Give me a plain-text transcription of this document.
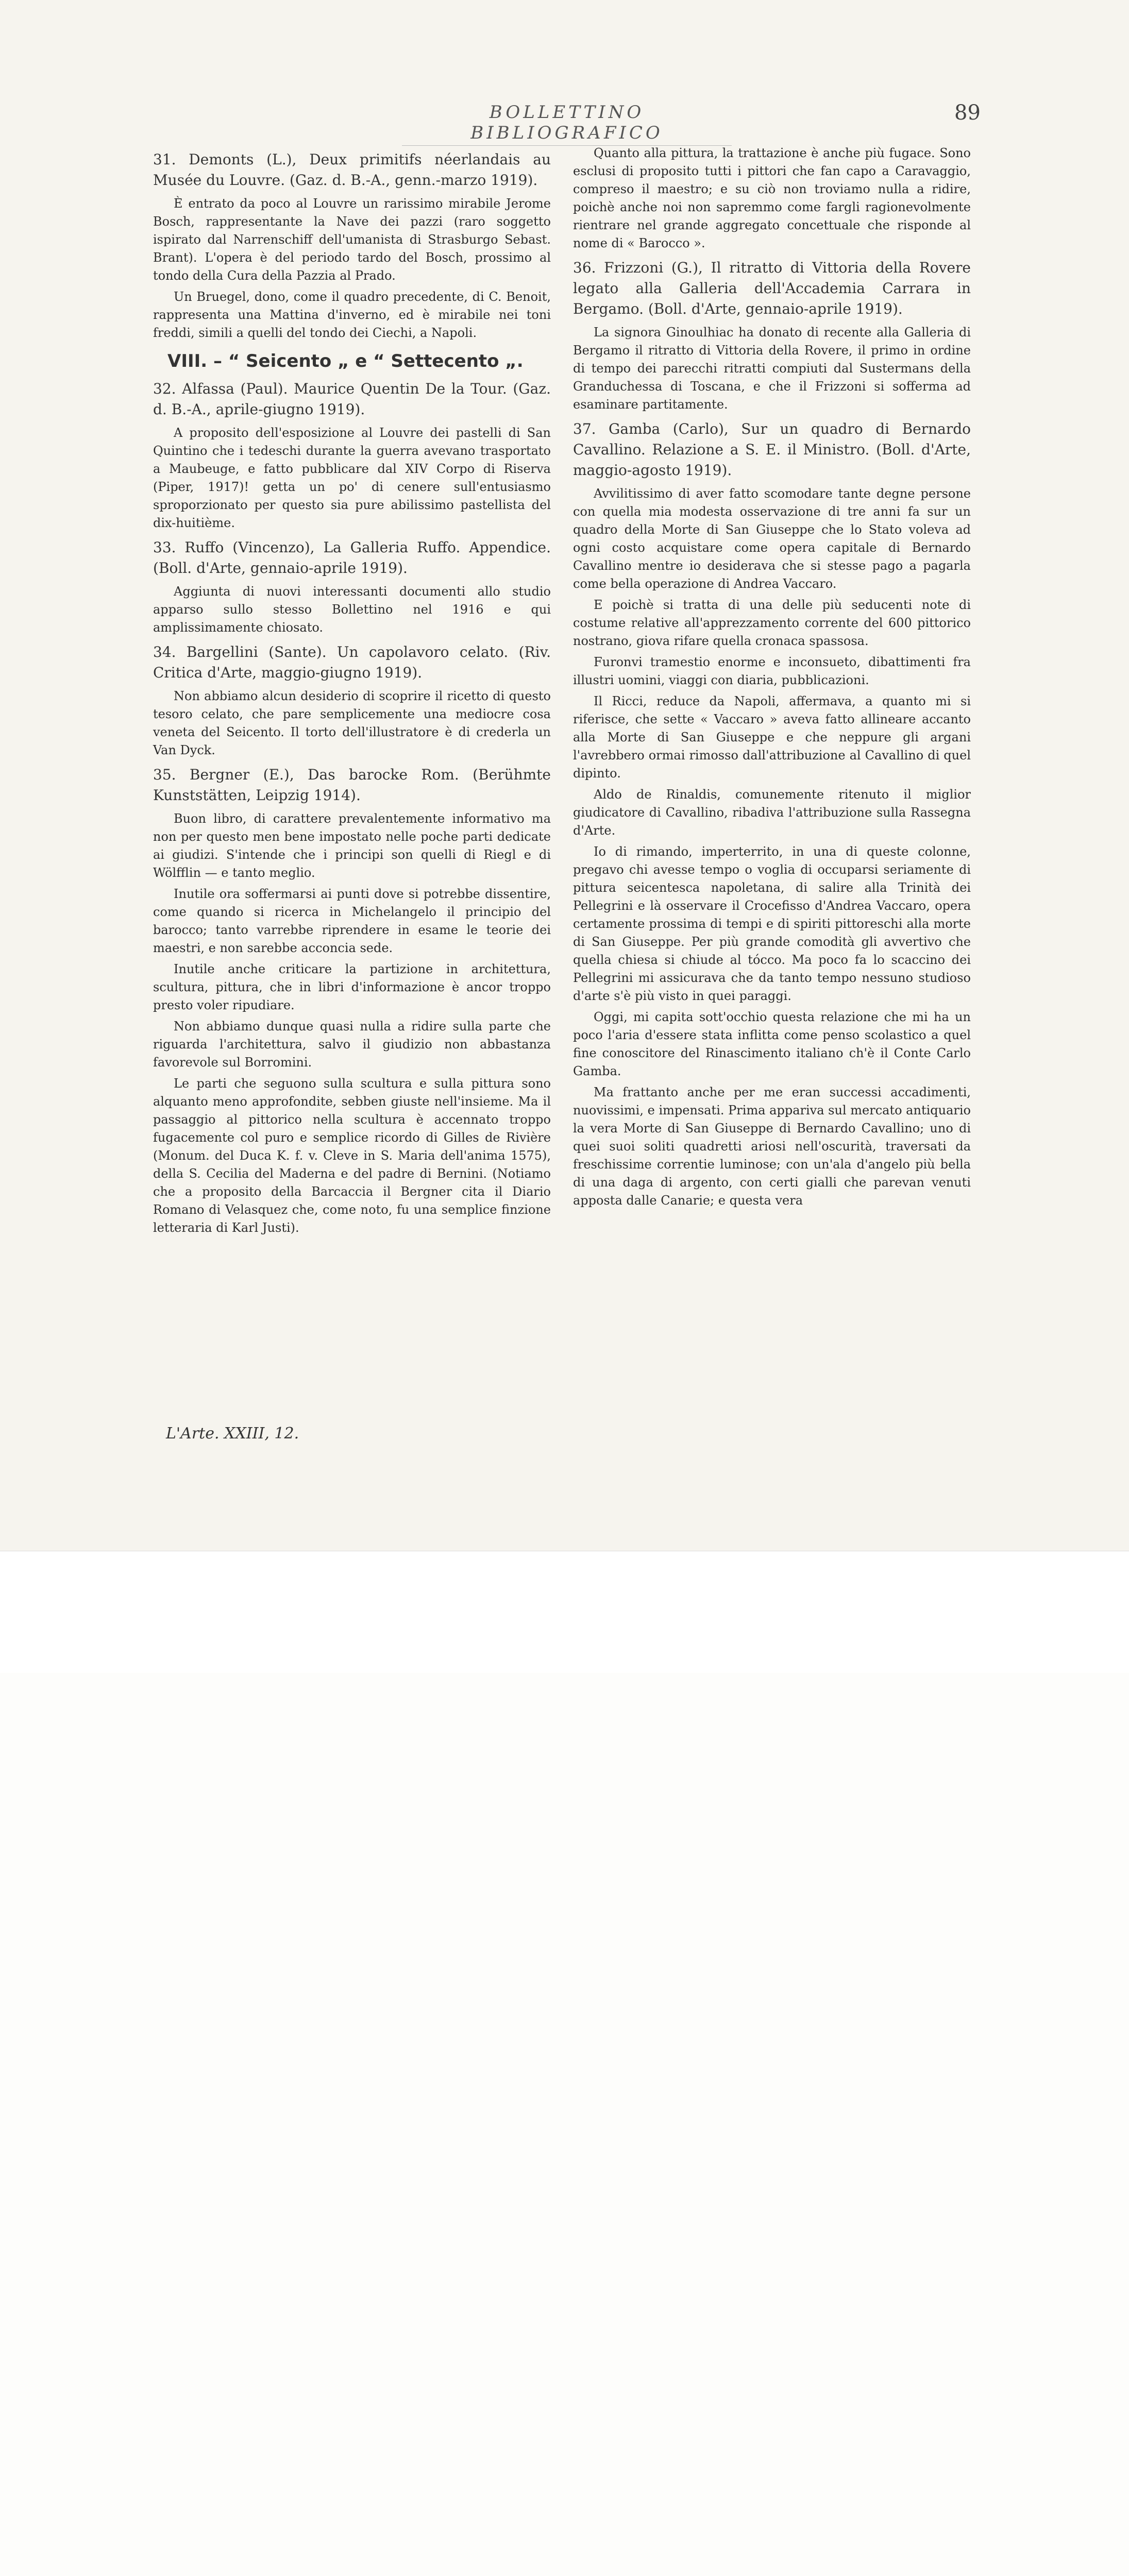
BOLLETTINO BIBLIOGRAFICO
89

31. Demonts (L.), Deux primitifs néerlandais au Musée du Louvre. (Gaz. d. B.-A., genn.-marzo 1919).

È entrato da poco al Louvre un rarissimo mirabile Jerome Bosch, rappresentante la Nave dei pazzi (raro soggetto ispirato dal Narrenschiff dell'umanista di Strasburgo Sebast. Brant). L'opera è del periodo tardo del Bosch, prossimo al tondo della Cura della Pazzia al Prado.

Un Bruegel, dono, come il quadro precedente, di C. Benoit, rappresenta una Mattina d'inverno, ed è mirabile nei toni freddi, simili a quelli del tondo dei Ciechi, a Napoli.

VIII. – “ Seicento „ e “ Settecento „.

32. Alfassa (Paul). Maurice Quentin De la Tour. (Gaz. d. B.-A., aprile-giugno 1919).

A proposito dell'esposizione al Louvre dei pastelli di San Quintino che i tedeschi durante la guerra avevano trasportato a Maubeuge, e fatto pubblicare dal XIV Corpo di Riserva (Piper, 1917)! getta un po' di cenere sull'entusiasmo sproporzionato per questo sia pure abilissimo pastellista del dix-huitième.

33. Ruffo (Vincenzo), La Galleria Ruffo. Appendice. (Boll. d'Arte, gennaio-aprile 1919).

Aggiunta di nuovi interessanti documenti allo studio apparso sullo stesso Bollettino nel 1916 e qui amplissimamente chiosato.

34. Bargellini (Sante). Un capolavoro celato. (Riv. Critica d'Arte, maggio-giugno 1919).

Non abbiamo alcun desiderio di scoprire il ricetto di questo tesoro celato, che pare semplicemente una mediocre cosa veneta del Seicento. Il torto dell'illustratore è di crederla un Van Dyck.

35. Bergner (E.), Das barocke Rom. (Berühmte Kunststätten, Leipzig 1914).

Buon libro, di carattere prevalentemente informativo ma non per questo men bene impostato nelle poche parti dedicate ai giudizi. S'intende che i principi son quelli di Riegl e di Wölfflin — e tanto meglio.

Inutile ora soffermarsi ai punti dove si potrebbe dissentire, come quando si ricerca in Michelangelo il principio del barocco; tanto varrebbe riprendere in esame le teorie dei maestri, e non sarebbe acconcia sede.

Inutile anche criticare la partizione in architettura, scultura, pittura, che in libri d'informazione è ancor troppo presto voler ripudiare.

Non abbiamo dunque quasi nulla a ridire sulla parte che riguarda l'architettura, salvo il giudizio non abbastanza favorevole sul Borromini.

Le parti che seguono sulla scultura e sulla pittura sono alquanto meno approfondite, sebben giuste nell'insieme. Ma il passaggio al pittorico nella scultura è accennato troppo fugacemente col puro e semplice ricordo di Gilles de Rivière (Monum. del Duca K. f. v. Cleve in S. Maria dell'anima 1575), della S. Cecilia del Maderna e del padre di Bernini. (Notiamo che a proposito della Barcaccia il Bergner cita il Diario Romano di Velasquez che, come noto, fu una semplice finzione letteraria di Karl Justi).

Quanto alla pittura, la trattazione è anche più fugace. Sono esclusi di proposito tutti i pittori che fan capo a Caravaggio, compreso il maestro; e su ciò non troviamo nulla a ridire, poichè anche noi non sapremmo come fargli ragionevolmente rientrare nel grande aggregato concettuale che risponde al nome di « Barocco ».

36. Frizzoni (G.), Il ritratto di Vittoria della Rovere legato alla Galleria dell'Accademia Carrara in Bergamo. (Boll. d'Arte, gennaio-aprile 1919).

La signora Ginoulhiac ha donato di recente alla Galleria di Bergamo il ritratto di Vittoria della Rovere, il primo in ordine di tempo dei parecchi ritratti compiuti dal Sustermans della Granduchessa di Toscana, e che il Frizzoni si sofferma ad esaminare partitamente.

37. Gamba (Carlo), Sur un quadro di Bernardo Cavallino. Relazione a S. E. il Ministro. (Boll. d'Arte, maggio-agosto 1919).

Avvilitissimo di aver fatto scomodare tante degne persone con quella mia modesta osservazione di tre anni fa sur un quadro della Morte di San Giuseppe che lo Stato voleva ad ogni costo acquistare come opera capitale di Bernardo Cavallino mentre io desiderava che si stesse pago a pagarla come bella operazione di Andrea Vaccaro.

E poichè si tratta di una delle più seducenti note di costume relative all'apprezzamento corrente del 600 pittorico nostrano, giova rifare quella cronaca spassosa.

Furonvi tramestio enorme e inconsueto, dibattimenti fra illustri uomini, viaggi con diaria, pubblicazioni.

Il Ricci, reduce da Napoli, affermava, a quanto mi si riferisce, che sette « Vaccaro » aveva fatto allineare accanto alla Morte di San Giuseppe e che neppure gli argani l'avrebbero ormai rimosso dall'attribuzione al Cavallino di quel dipinto.

Aldo de Rinaldis, comunemente ritenuto il miglior giudicatore di Cavallino, ribadiva l'attribuzione sulla Rassegna d'Arte.

Io di rimando, imperterrito, in una di queste colonne, pregavo chi avesse tempo o voglia di occuparsi seriamente di pittura seicentesca napoletana, di salire alla Trinità dei Pellegrini e là osservare il Crocefisso d'Andrea Vaccaro, opera certamente prossima di tempi e di spiriti pittoreschi alla morte di San Giuseppe. Per più grande comodità gli avvertivo che quella chiesa si chiude al tócco. Ma poco fa lo scaccino dei Pellegrini mi assicurava che da tanto tempo nessuno studioso d'arte s'è più visto in quei paraggi.

Oggi, mi capita sott'occhio questa relazione che mi ha un poco l'aria d'essere stata inflitta come penso scolastico a quel fine conoscitore del Rinascimento italiano ch'è il Conte Carlo Gamba.

Ma frattanto anche per me eran successi accadimenti, nuovissimi, e impensati. Prima appariva sul mercato antiquario la vera Morte di San Giuseppe di Bernardo Cavallino; uno di quei suoi soliti quadretti ariosi nell'oscurità, traversati da freschissime correntie luminose; con un'ala d'angelo più bella di una daga di argento, con certi gialli che parevan venuti apposta dalle Canarie; e questa vera

L'Arte. XXIII, 12.
